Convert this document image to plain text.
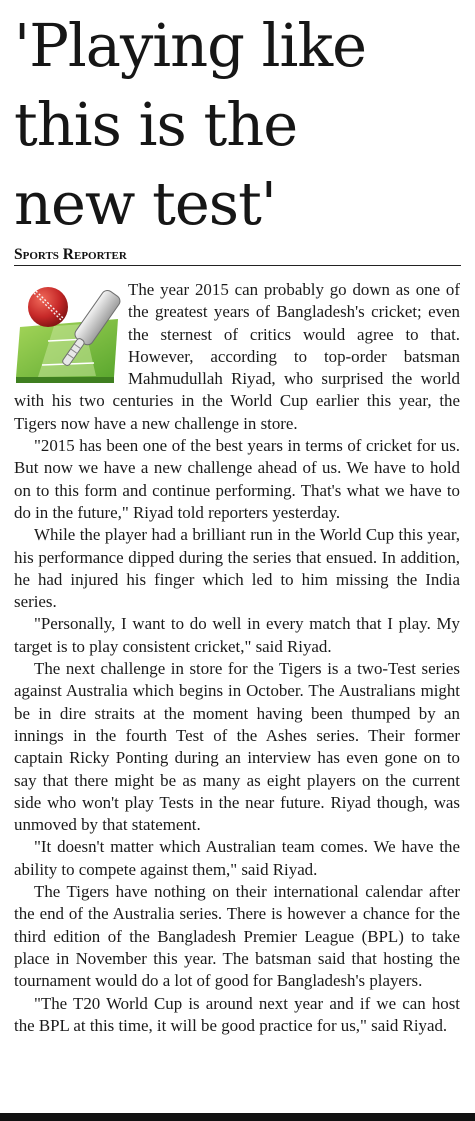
'Playing like
this is the
new test'
Sports Reporter

The year 2015 can probably go down as one of the greatest years of Bangladesh's cricket; even the sternest of critics would agree to that. However, according to top-order batsman Mahmudullah Riyad, who surprised the world with his two centuries in the World Cup earlier this year, the Tigers now have a new challenge in store.

"2015 has been one of the best years in terms of cricket for us. But now we have a new challenge ahead of us. We have to hold on to this form and continue performing. That's what we have to do in the future," Riyad told reporters yesterday.

While the player had a brilliant run in the World Cup this year, his performance dipped during the series that ensued. In addition, he had injured his finger which led to him missing the India series.

"Personally, I want to do well in every match that I play. My target is to play consistent cricket," said Riyad.

The next challenge in store for the Tigers is a two-Test series against Australia which begins in October. The Australians might be in dire straits at the moment having been thumped by an innings in the fourth Test of the Ashes series. Their former captain Ricky Ponting during an interview has even gone on to say that there might be as many as eight players on the current side who won't play Tests in the near future. Riyad though, was unmoved by that statement.

"It doesn't matter which Australian team comes. We have the ability to compete against them," said Riyad.

The Tigers have nothing on their international calendar after the end of the Australia series. There is however a chance for the third edition of the Bangladesh Premier League (BPL) to take place in November this year. The batsman said that hosting the tournament would do a lot of good for Bangladesh's players.

"The T20 World Cup is around next year and if we can host the BPL at this time, it will be good practice for us," said Riyad.
